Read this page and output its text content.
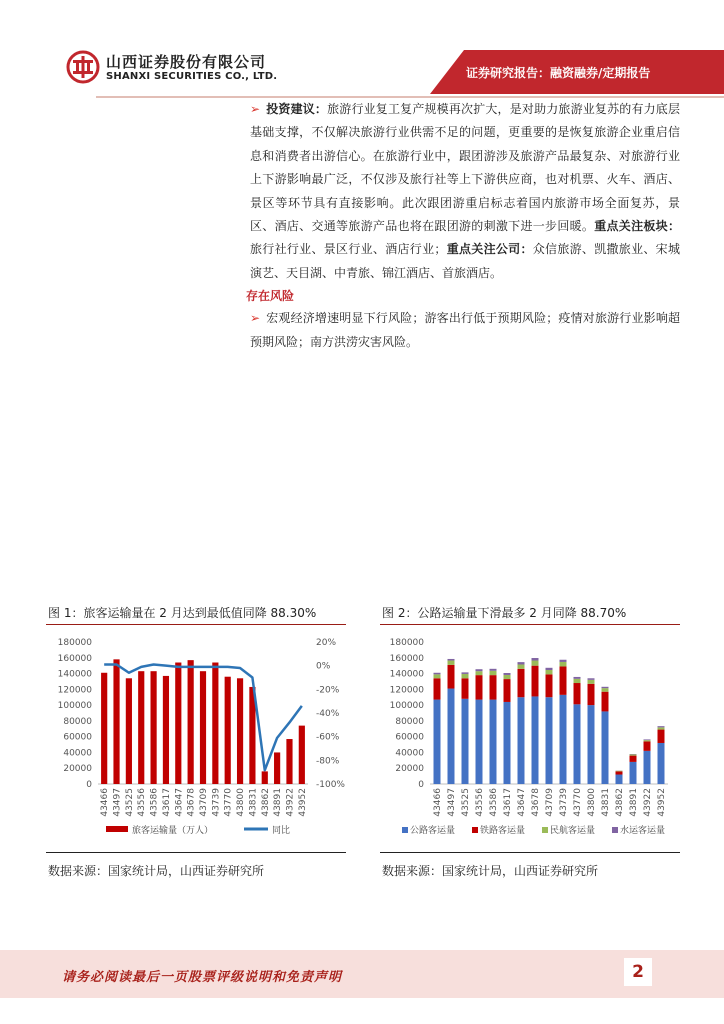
山西证券股份有限公司
SHANXI SECURITIES CO., LTD.	证券研究报告：融资融券/定期报告

➢ 投资建议：旅游行业复工复产规模再次扩大，是对助力旅游业复苏的有力底层基础支撑，不仅解决旅游行业供需不足的问题，更重要的是恢复旅游企业重启信息和消费者出游信心。在旅游行业中，跟团游涉及旅游产品最复杂、对旅游行业上下游影响最广泛，不仅涉及旅行社等上下游供应商，也对机票、火车、酒店、景区等环节具有直接影响。此次跟团游重启标志着国内旅游市场全面复苏，景区、酒店、交通等旅游产品也将在跟团游的刺激下进一步回暖。重点关注板块：旅行社行业、景区行业、酒店行业；重点关注公司：众信旅游、凯撒旅业、宋城演艺、天目湖、中青旅、锦江酒店、首旅酒店。

存在风险

➢ 宏观经济增速明显下行风险；游客出行低于预期风险；疫情对旅游行业影响超预期风险；南方洪涝灾害风险。

图 1：旅客运输量在 2 月达到最低值同降 88.30%
180000
160000
140000
120000
100000
80000
60000
40000
20000
0
43466 43497 43525 43556 43586 43617 43647 43678 43709 43739 43770 43800 43831 43862 43891 43922 43952
20%
0%
-20%
-40%
-60%
-80%
-100%
旅客运输量（万人）	同比
数据来源：国家统计局，山西证券研究所
图 2：公路运输量下滑最多 2 月同降 88.70%
180000
160000
140000
120000
100000
80000
60000
40000
20000
0
43466 43497 43525 43556 43586 43617 43647 43678 43709 43739 43770 43800 43831 43862 43891 43922 43952
公路客运量	铁路客运量	民航客运量	水运客运量
数据来源：国家统计局，山西证券研究所
请务必阅读最后一页股票评级说明和免责声明	2
